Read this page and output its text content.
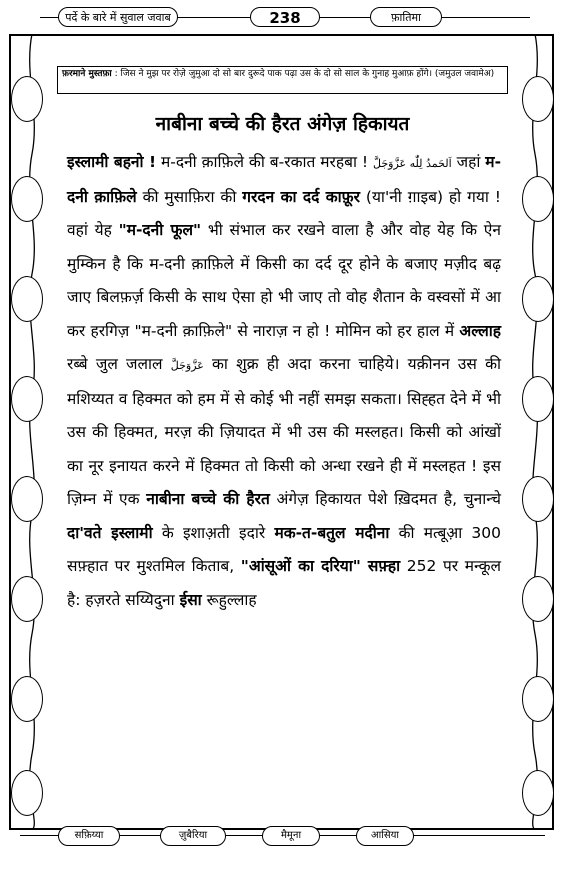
पर्दे के बारे में सुवाल जवाब	238	फ़ातिमा
फ़रमाने मुस्तफ़ा : जिस ने मुझ पर रोज़े जुमुआ दो सो बार दुरूदे पाक पढ़ा उस के दो सो साल के गुनाह मुआफ़ होंगे। (जमुउल जवामेअ)
नाबीना बच्चे की हैरत अंगेज़ हिकायत

इस्लामी बहनो ! म-दनी क़ाफ़िले की ब-रकात मरहबा ! اَلحَمدُ لِلّٰه عَزَّوَجَلَّ जहां म-दनी क़ाफ़िले की मुसाफ़िरा की गरदन का दर्द काफ़ूर (या'नी ग़ाइब) हो गया ! वहां येह "म-दनी फूल" भी संभाल कर रखने वाला है और वोह येह कि ऐन मुम्किन है कि म-दनी क़ाफ़िले में किसी का दर्द दूर होने के बजाए मज़ीद बढ़ जाए बिलफ़र्ज़ किसी के साथ ऐसा हो भी जाए तो वोह शैतान के वस्वसों में आ कर हरगिज़ "म-दनी क़ाफ़िले" से नाराज़ न हो ! मोमिन को हर हाल में अल्लाह रब्बे जुल जलाल عَزَّوَجَلَّ का शुक्र ही अदा करना चाहिये। यक़ीनन उस की मशिय्यत व हिक्मत को हम में से कोई भी नहीं समझ सकता। सिह्हत देने में भी उस की हिक्मत, मरज़ की ज़ियादत में भी उस की मस्लहत। किसी को आंखों का नूर इनायत करने में हिक्मत तो किसी को अन्धा रखने ही में मस्लहत ! इस ज़िम्न में एक नाबीना बच्चे की हैरत अंगेज़ हिकायत पेशे ख़िदमत है, चुनान्चे दा'वते इस्लामी के इशाअ़ती इदारे मक-त-बतुल मदीना की मत्बूआ़ 300 सफ़्हात पर मुश्तमिल किताब, "आंसूओं का दरिया" सफ़्हा 252 पर मन्कूल है: हज़रते सय्यिदुना ईसा रूहुल्लाह

सफ़िय्या	ज़ुबैरिया	मैमूना	आसिया
